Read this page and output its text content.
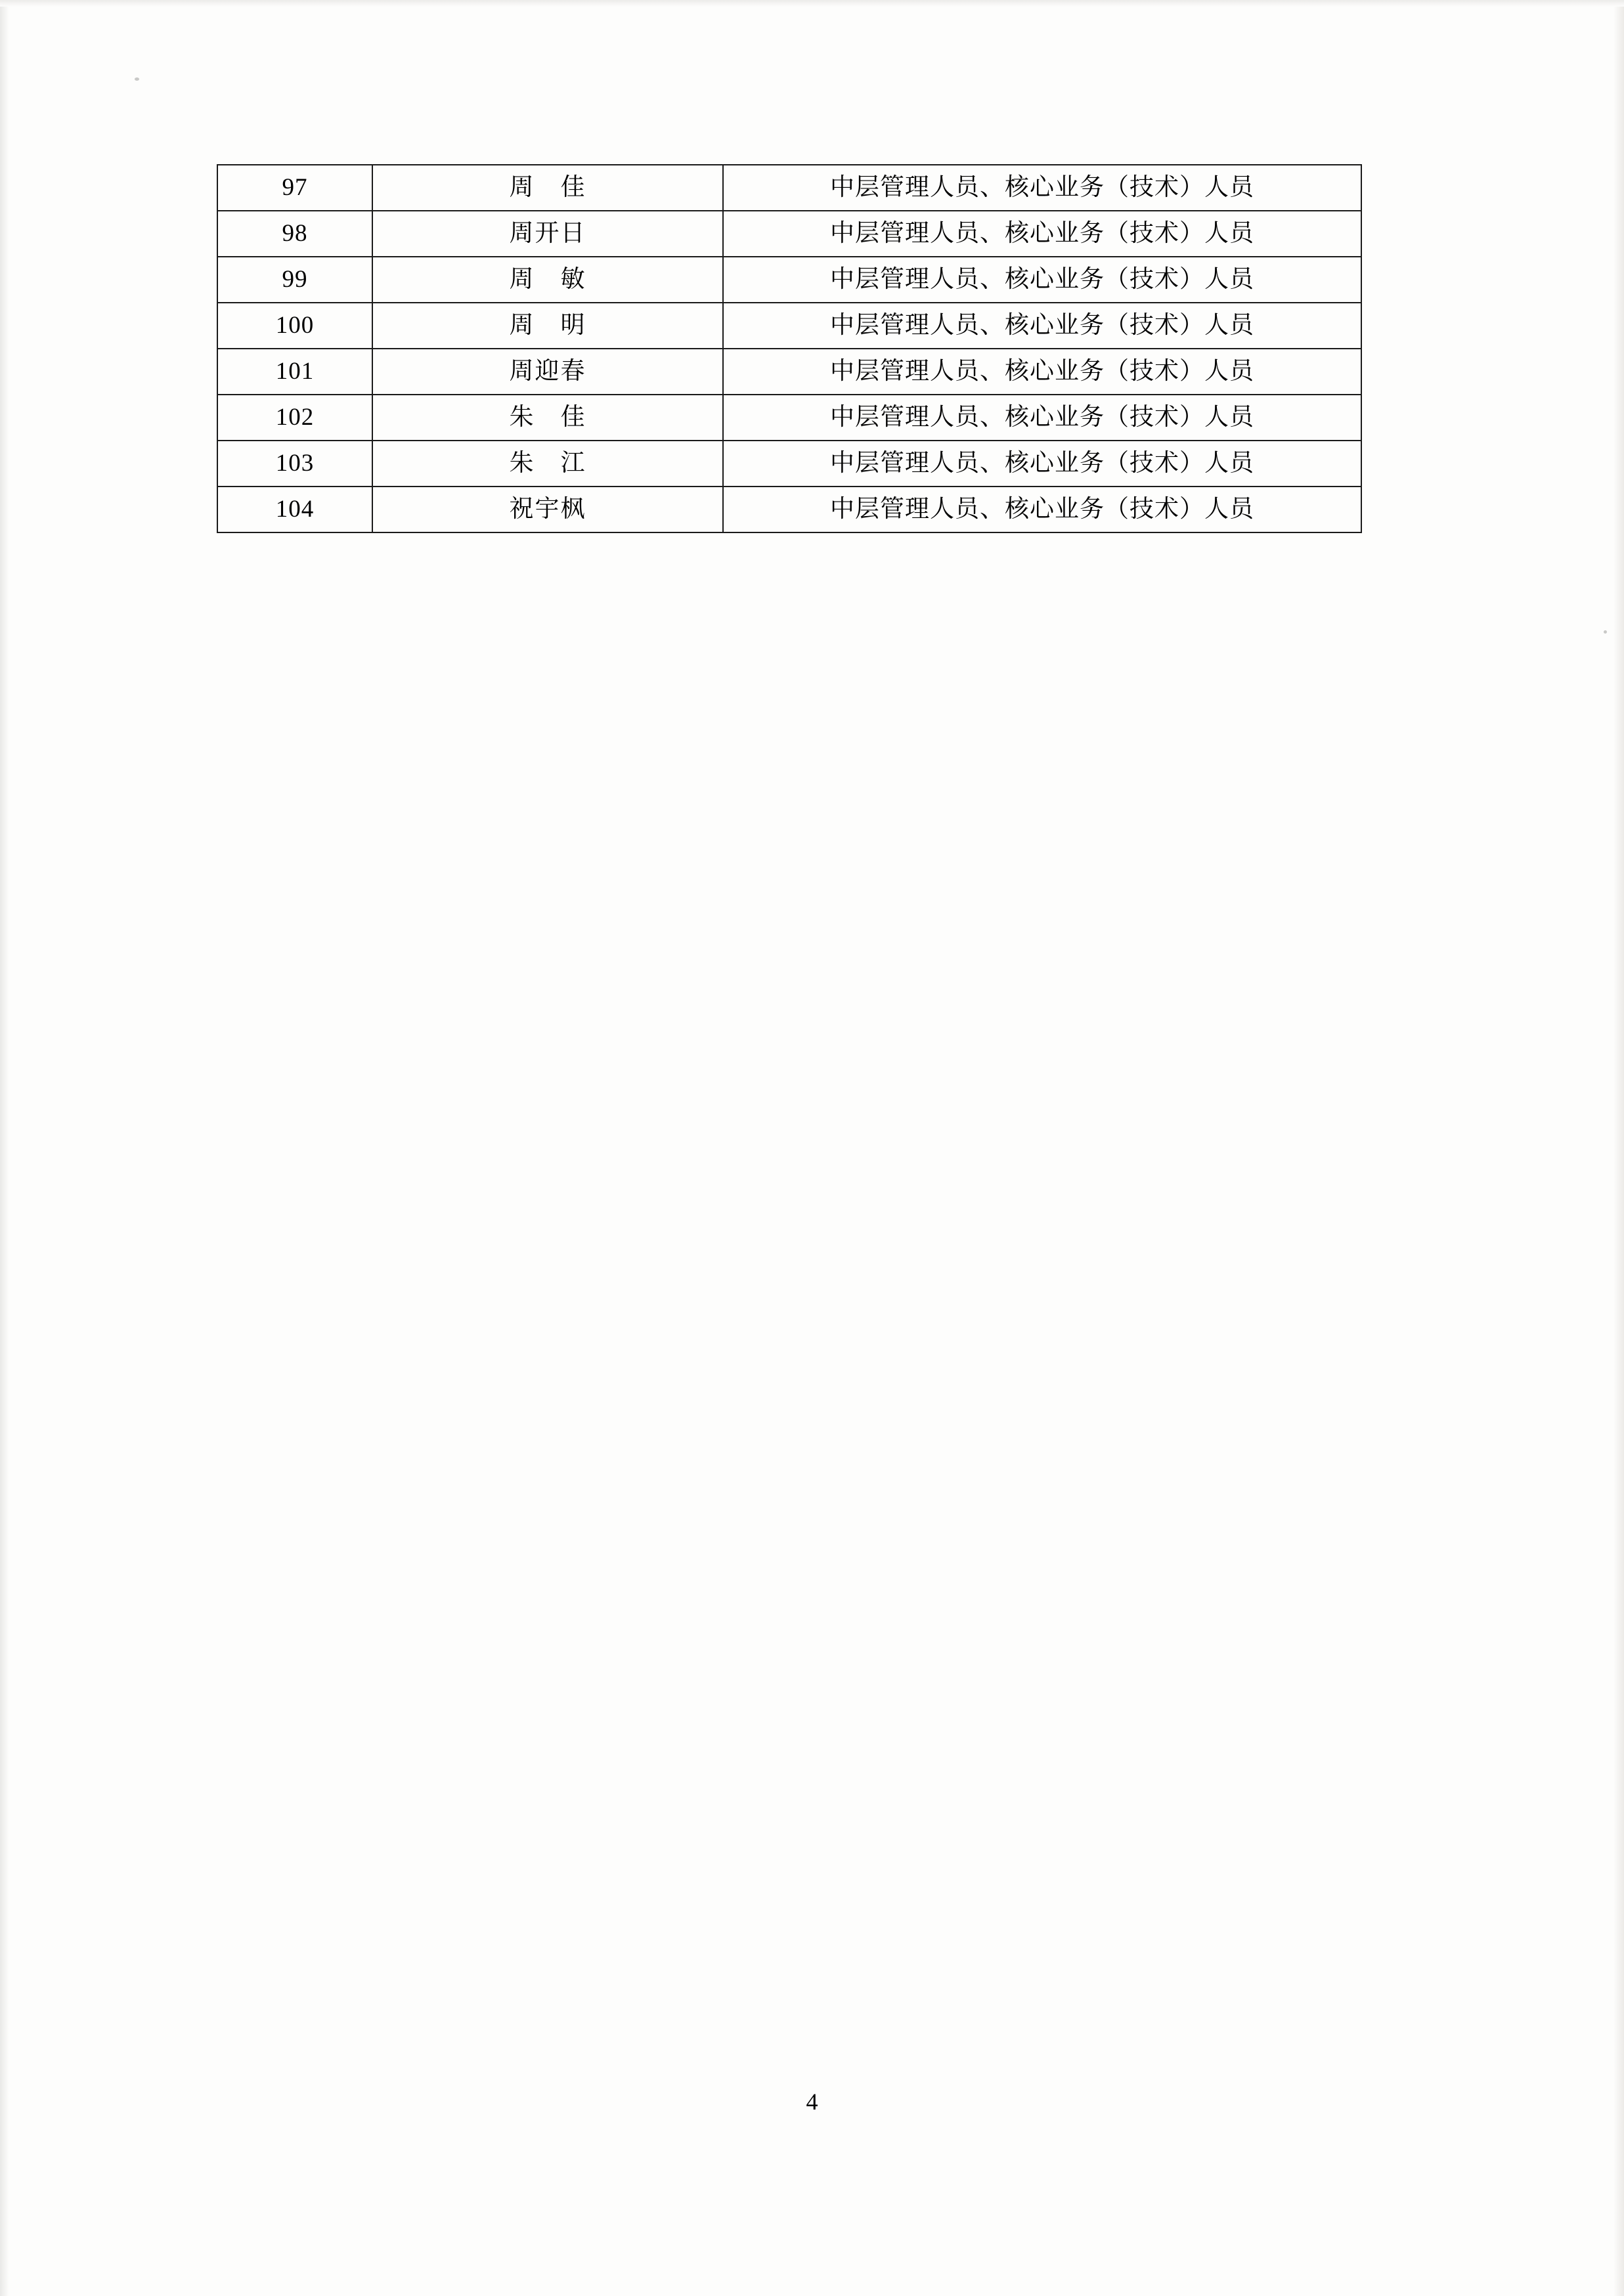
97	周　佳	中层管理人员、核心业务（技术）人员
98	周开日	中层管理人员、核心业务（技术）人员
99	周　敏	中层管理人员、核心业务（技术）人员
100	周　明	中层管理人员、核心业务（技术）人员
101	周迎春	中层管理人员、核心业务（技术）人员
102	朱　佳	中层管理人员、核心业务（技术）人员
103	朱　江	中层管理人员、核心业务（技术）人员
104	祝宇枫	中层管理人员、核心业务（技术）人员
4
